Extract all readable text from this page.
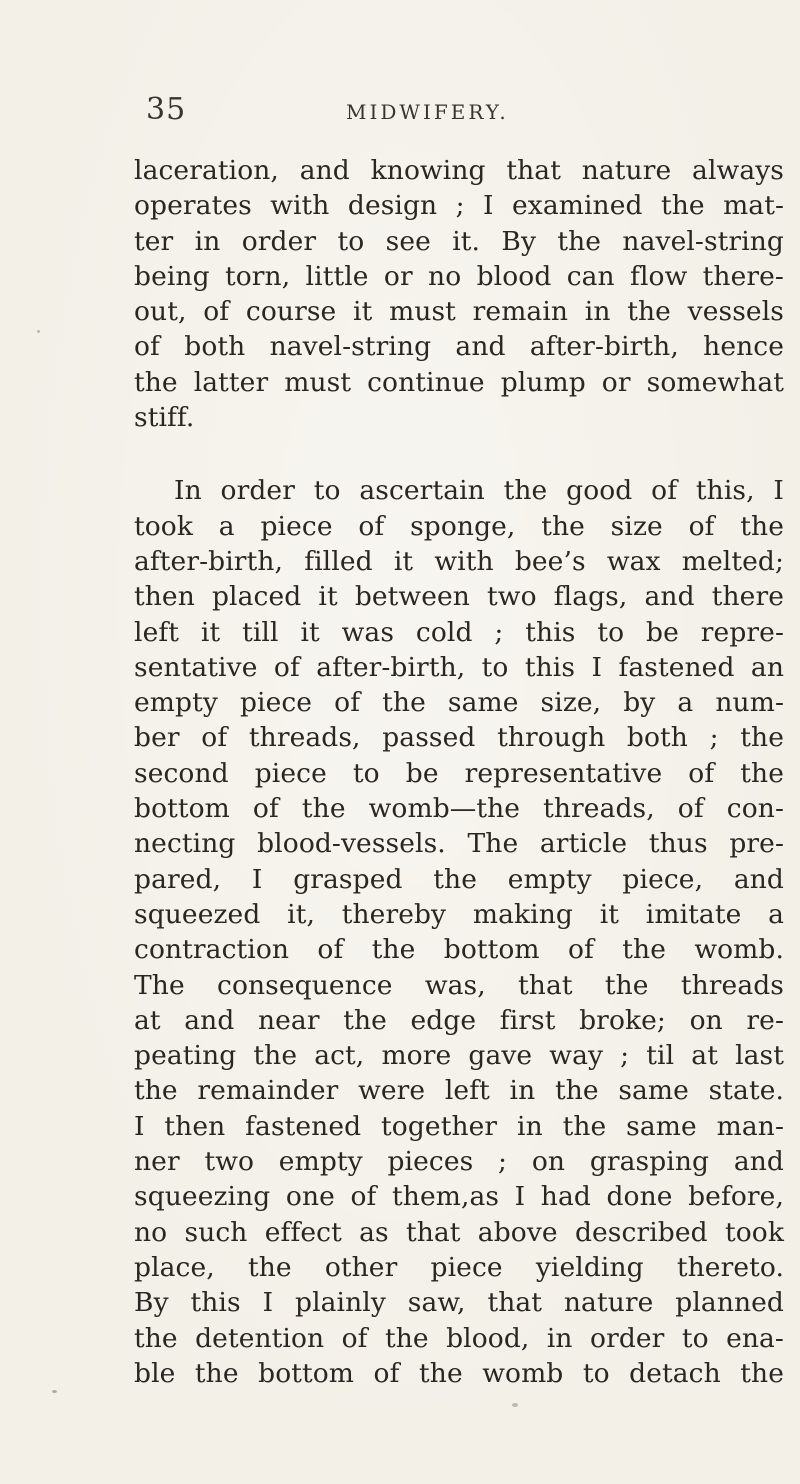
35	MIDWIFERY.
laceration, and knowing that nature always
operates with design ; I examined the mat-
ter in order to see it. By the navel-string
being torn, little or no blood can flow there-
out, of course it must remain in the vessels
of both navel-string and after-birth, hence
the latter must continue plump or somewhat
stiff.
In order to ascertain the good of this, I
took a piece of sponge, the size of the
after-birth, filled it with bee’s wax melted;
then placed it between two flags, and there
left it till it was cold ; this to be repre-
sentative of after-birth, to this I fastened an
empty piece of the same size, by a num-
ber of threads, passed through both ; the
second piece to be representative of the
bottom of the womb—the threads, of con-
necting blood-vessels. The article thus pre-
pared, I grasped the empty piece, and
squeezed it, thereby making it imitate a
contraction of the bottom of the womb.
The consequence was, that the threads
at and near the edge first broke; on re-
peating the act, more gave way ; til at last
the remainder were left in the same state.
I then fastened together in the same man-
ner two empty pieces ; on grasping and
squeezing one of them,as I had done before,
no such effect as that above described took
place, the other piece yielding thereto.
By this I plainly saw, that nature planned
the detention of the blood, in order to ena-
ble the bottom of the womb to detach the
